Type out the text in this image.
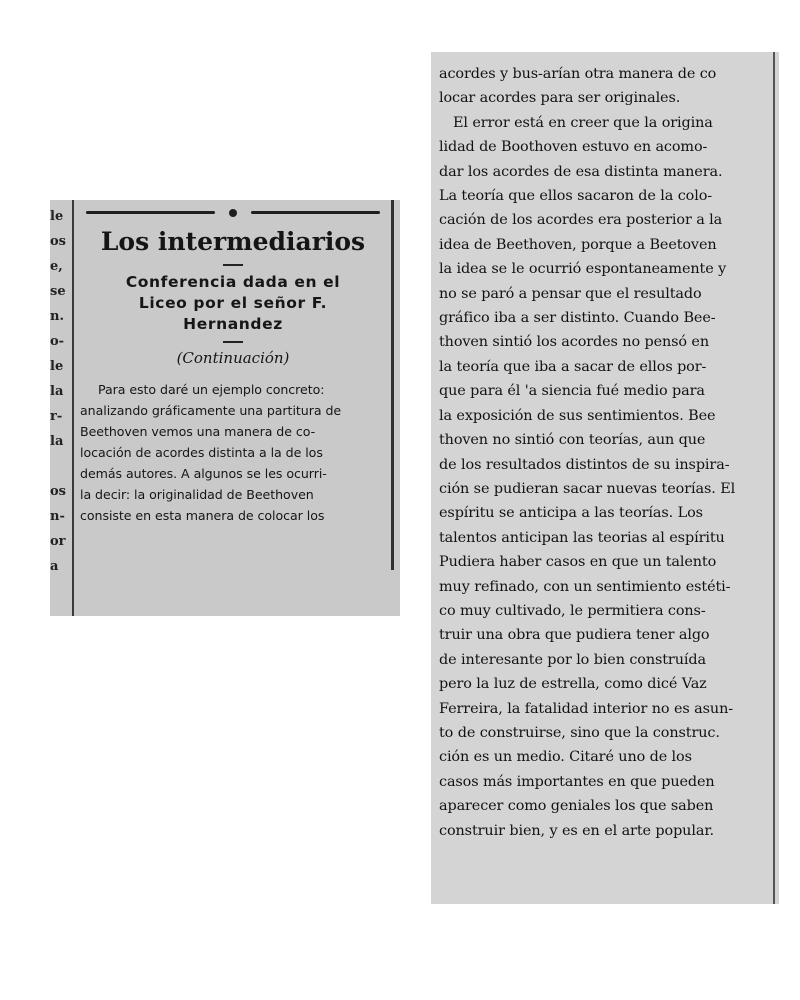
le
os
e,
se
n.
o-
le
la
r-
la

os
n-
or
a
Los intermediarios
Conferencia dada en el
Liceo por el señor F.
Hernandez
(Continuación)

Para esto daré un ejemplo concreto:
analizando gráficamente una partitura de
Beethoven vemos una manera de co-
locación de acordes distinta a la de los
demás autores. A algunos se les ocurri-
la decir: la originalidad de Beethoven
consiste en esta manera de colocar los

acordes y bus-arían otra manera de co
locar acordes para ser originales.
El error está en creer que la origina
lidad de Boothoven estuvo en acomo-
dar los acordes de esa distinta manera.
La teoría que ellos sacaron de la colo-
cación de los acordes era posterior a la
idea de Beethoven, porque a Beetoven
la idea se le ocurrió espontaneamente y
no se paró a pensar que el resultado
gráfico iba a ser distinto. Cuando Bee-
thoven sintió los acordes no pensó en
la teoría que iba a sacar de ellos por-
que para él 'a siencia fué medio para
la exposición de sus sentimientos. Bee
thoven no sintió con teorías, aun que
de los resultados distintos de su inspira-
ción se pudieran sacar nuevas teorías. El
espíritu se anticipa a las teorías. Los
talentos anticipan las teorias al espíritu
Pudiera haber casos en que un talento
muy refinado, con un sentimiento estéti-
co muy cultivado, le permitiera cons-
truir una obra que pudiera tener algo
de interesante por lo bien construída
pero la luz de estrella, como dicé Vaz
Ferreira, la fatalidad interior no es asun-
to de construirse, sino que la construc.
ción es un medio. Citaré uno de los
casos más importantes en que pueden
aparecer como geniales los que saben
construir bien, y es en el arte popular.
